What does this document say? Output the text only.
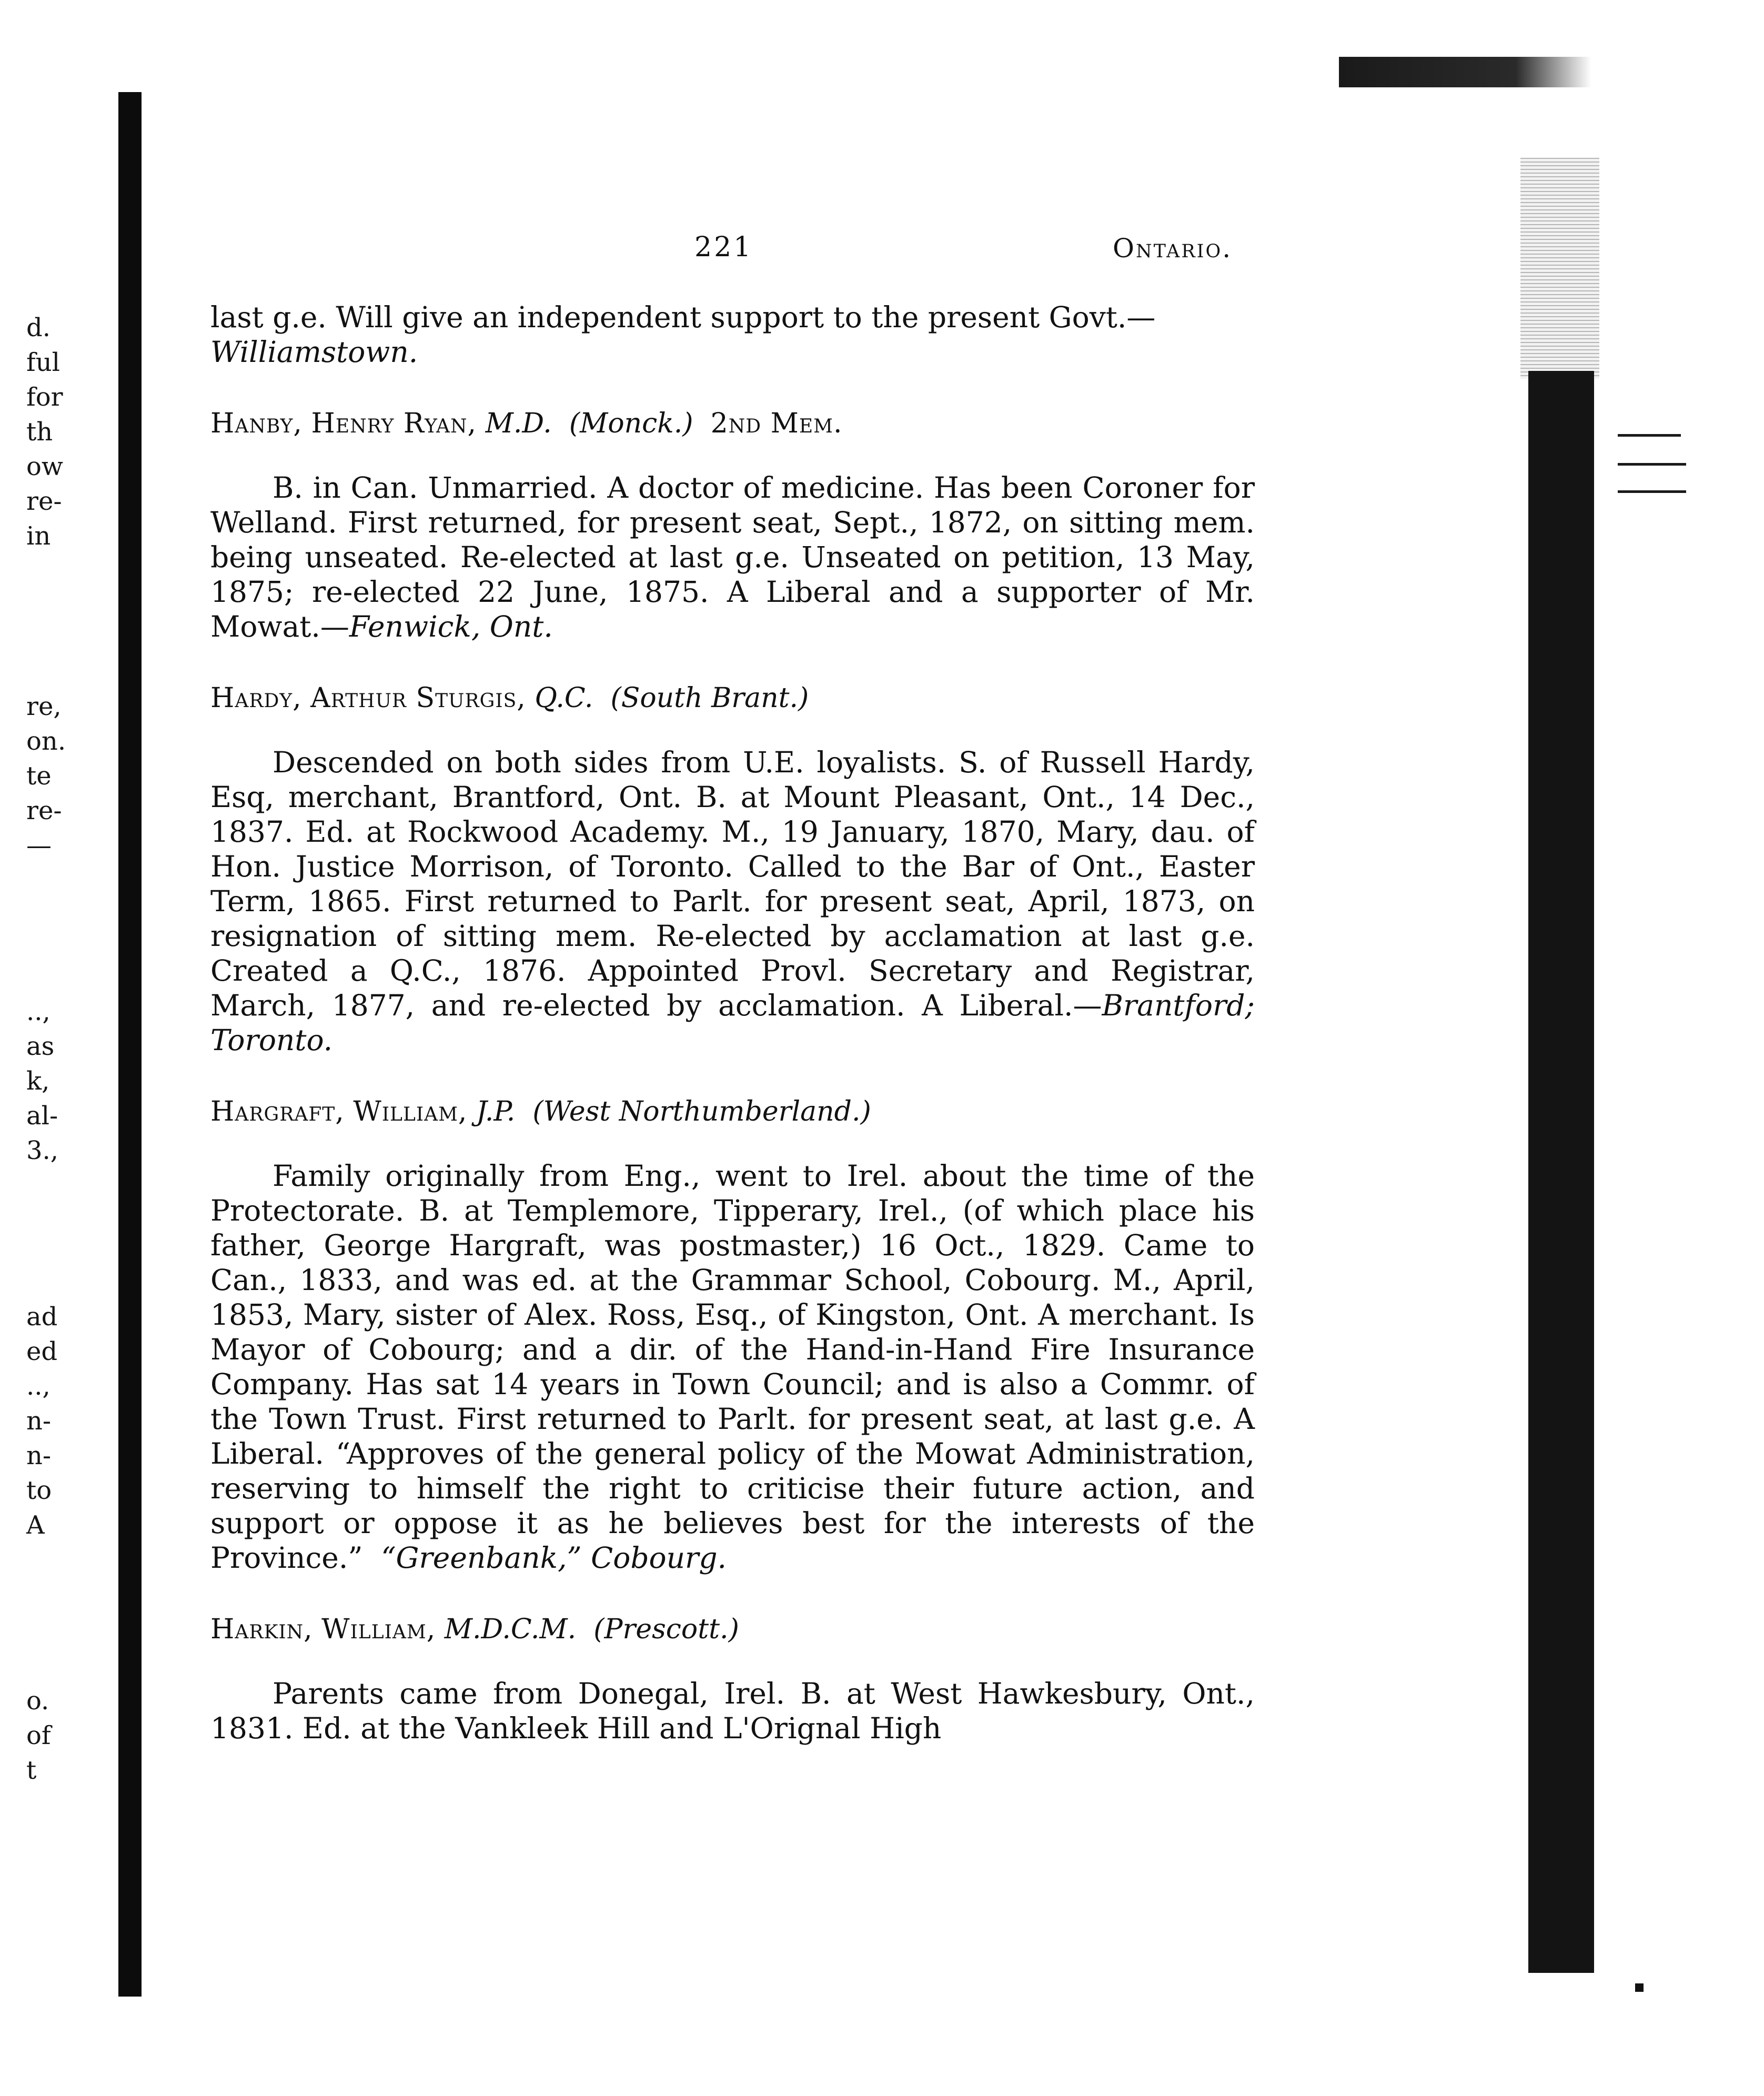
d.
ful
for
th
ow
re-
in
re,
on.
te
re-
—
..,
as
k,
al-
3.,
ad
ed
..,
n-
n-
to
A
o.
of
t
221	Ontario.

last g.e. Will give an independent support to the present Govt.—
Williamstown.

Hanby, Henry Ryan, M.D. (Monck.) 2nd Mem.

B. in Can. Unmarried. A doctor of medicine. Has been Coroner for Welland. First returned, for present seat, Sept., 1872, on sitting mem. being unseated. Re-elected at last g.e. Unseated on petition, 13 May, 1875; re-elected 22 June, 1875. A Liberal and a supporter of Mr. Mowat.—Fenwick, Ont.

Hardy, Arthur Sturgis, Q.C. (South Brant.)

Descended on both sides from U.E. loyalists. S. of Russell Hardy, Esq, merchant, Brantford, Ont. B. at Mount Pleasant, Ont., 14 Dec., 1837. Ed. at Rockwood Academy. M., 19 January, 1870, Mary, dau. of Hon. Justice Morrison, of Toronto. Called to the Bar of Ont., Easter Term, 1865. First returned to Parlt. for present seat, April, 1873, on resignation of sitting mem. Re-elected by acclamation at last g.e. Created a Q.C., 1876. Appointed Provl. Secretary and Registrar, March, 1877, and re-elected by acclamation. A Liberal.—Brantford; Toronto.

Hargraft, William, J.P. (West Northumberland.)

Family originally from Eng., went to Irel. about the time of the Protectorate. B. at Templemore, Tipperary, Irel., (of which place his father, George Hargraft, was postmaster,) 16 Oct., 1829. Came to Can., 1833, and was ed. at the Grammar School, Cobourg. M., April, 1853, Mary, sister of Alex. Ross, Esq., of Kingston, Ont. A merchant. Is Mayor of Cobourg; and a dir. of the Hand-in-Hand Fire Insurance Company. Has sat 14 years in Town Council; and is also a Commr. of the Town Trust. First returned to Parlt. for present seat, at last g.e. A Liberal. “Approves of the general policy of the Mowat Administration, reserving to himself the right to criticise their future action, and support or oppose it as he believes best for the interests of the Province.” “Greenbank,” Cobourg.

Harkin, William, M.D.C.M. (Prescott.)

Parents came from Donegal, Irel. B. at West Hawkesbury, Ont., 1831. Ed. at the Vankleek Hill and L'Orignal High
